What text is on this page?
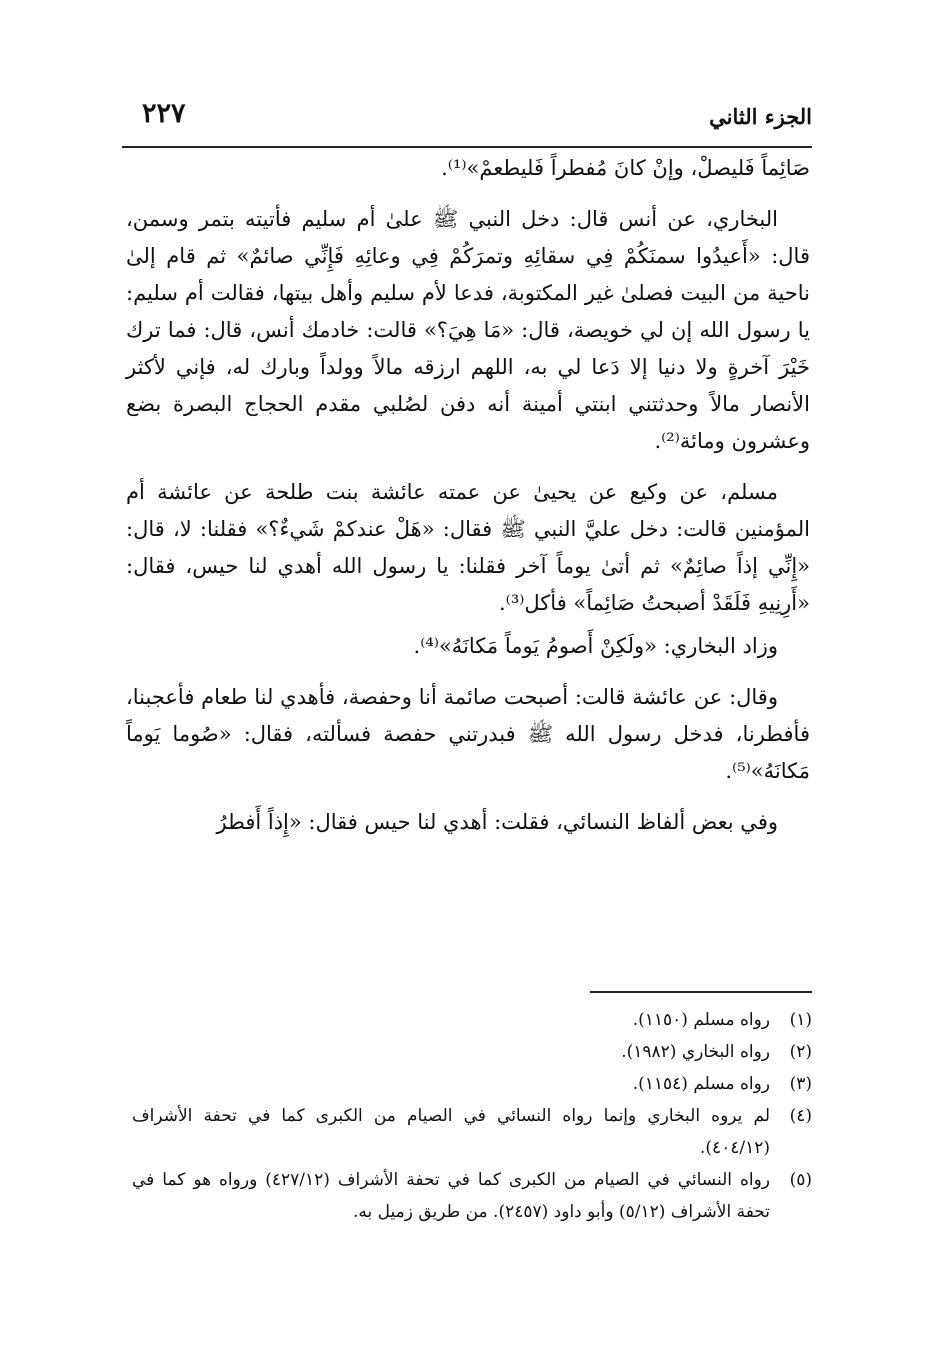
الجزء الثاني
٢٢٧

صَائِماً فَليصلْ، وإنْ كانَ مُفطراً فَليطعمْ»⁽¹⁾.

البخاري، عن أنس قال: دخل النبي ﷺ علىٰ أم سليم فأتيته بتمر وسمن، قال: «أَعيدُوا سمنَكُمْ فِي سقائِهِ وتمرَكُمْ فِي وعائِهِ فَإِنِّي صائمٌ» ثم قام إلىٰ ناحية من البيت فصلىٰ غير المكتوبة، فدعا لأم سليم وأهل بيتها، فقالت أم سليم: يا رسول الله إن لي خويصة، قال: «مَا هِيَ؟» قالت: خادمك أنس، قال: فما ترك خَيْرَ آخرةٍ ولا دنيا إلا دَعا لي به، اللهم ارزقه مالاً وولداً وبارك له، فإني لأكثر الأنصار مالاً وحدثتني ابنتي أمينة أنه دفن لصُلبي مقدم الحجاج البصرة بضع وعشرون ومائة⁽²⁾.

مسلم، عن وكيع عن يحيىٰ عن عمته عائشة بنت طلحة عن عائشة أم المؤمنين قالت: دخل عليَّ النبي ﷺ فقال: «هَلْ عندكمْ شَيءٌ؟» فقلنا: لا، قال: «إِنِّي إذاً صائِمٌ» ثم أتىٰ يوماً آخر فقلنا: يا رسول الله أهدي لنا حيس، فقال: «أَرِنِيهِ فَلَقَدْ أصبحتُ صَائِماً» فأكل⁽³⁾.

وزاد البخاري: «ولَكِنْ أَصومُ يَوماً مَكانَهُ»⁽⁴⁾.

وقال: عن عائشة قالت: أصبحت صائمة أنا وحفصة، فأهدي لنا طعام فأعجبنا، فأفطرنا، فدخل رسول الله ﷺ فبدرتني حفصة فسألته، فقال: «صُوما يَوماً مَكانَهُ»⁽⁵⁾.

وفي بعض ألفاظ النسائي، فقلت: أهدي لنا حيس فقال: «إِذاً أَفطرُ

(١)
رواه مسلم (١١٥٠).
(٢)
رواه البخاري (١٩٨٢).
(٣)
رواه مسلم (١١٥٤).
(٤)
لم يروه البخاري وإنما رواه النسائي في الصيام من الكبرى كما في تحفة الأشراف (٤٠٤/١٢).
(٥)
رواه النسائي في الصيام من الكبرى كما في تحفة الأشراف (٤٢٧/١٢) ورواه هو كما في تحفة الأشراف (٥/١٢) وأبو داود (٢٤٥٧). من طريق زميل به.
